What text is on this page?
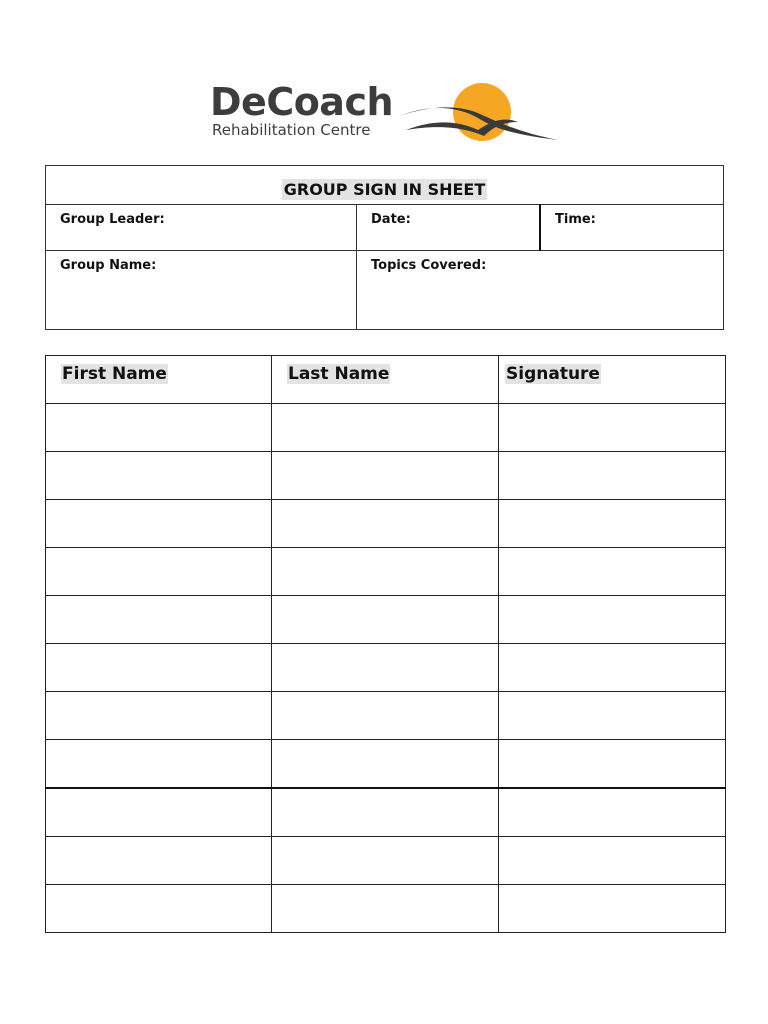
DeCoach
Rehabilitation Centre
GROUP SIGN IN SHEET		
Group Leader:	Date:	Time:
Group Name:	Topics Covered:	
First Name	Last Name	Signature
